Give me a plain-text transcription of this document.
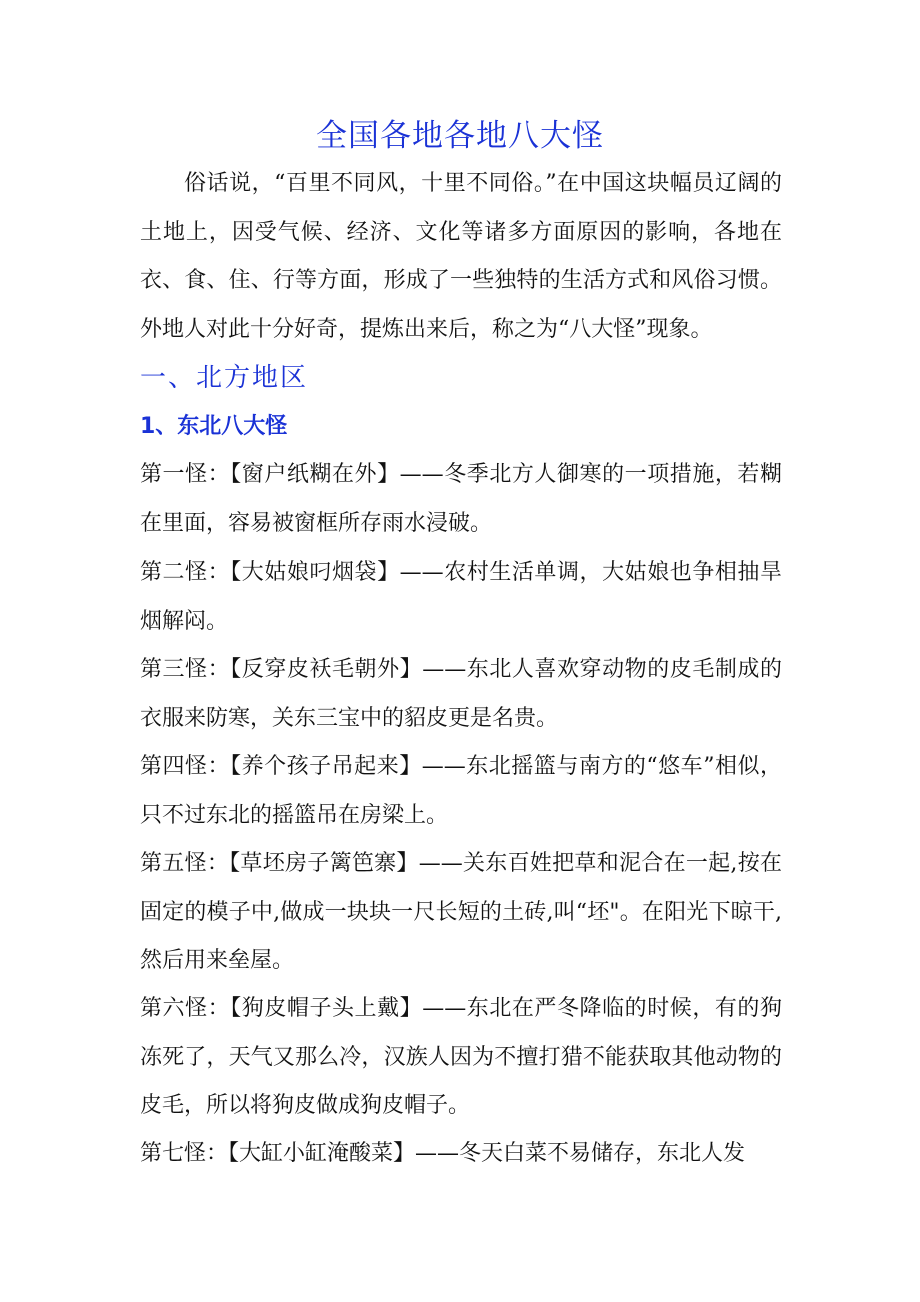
全国各地各地八大怪
俗话说，“百里不同风，十里不同俗。”在中国这块幅员辽阔的土地上，因受气候、经济、文化等诸多方面原因的影响，各地在衣、食、住、行等方面，形成了一些独特的生活方式和风俗习惯。外地人对此十分好奇，提炼出来后，称之为“八大怪”现象。
一、北方地区
1、东北八大怪
第一怪：【窗户纸糊在外】——冬季北方人御寒的一项措施，若糊在里面，容易被窗框所存雨水浸破。
第二怪：【大姑娘叼烟袋】——农村生活单调，大姑娘也争相抽旱烟解闷。
第三怪：【反穿皮袄毛朝外】——东北人喜欢穿动物的皮毛制成的衣服来防寒，关东三宝中的貂皮更是名贵。
第四怪：【养个孩子吊起来】——东北摇篮与南方的“悠车”相似，只不过东北的摇篮吊在房梁上。
第五怪：【草坯房子篱笆寨】——关东百姓把草和泥合在一起,按在固定的模子中,做成一块块一尺长短的土砖,叫“坯"。在阳光下晾干,然后用来垒屋。
第六怪：【狗皮帽子头上戴】——东北在严冬降临的时候，有的狗冻死了，天气又那么冷，汉族人因为不擅打猎不能获取其他动物的皮毛，所以将狗皮做成狗皮帽子。
第七怪：【大缸小缸淹酸菜】——冬天白菜不易储存，东北人发
